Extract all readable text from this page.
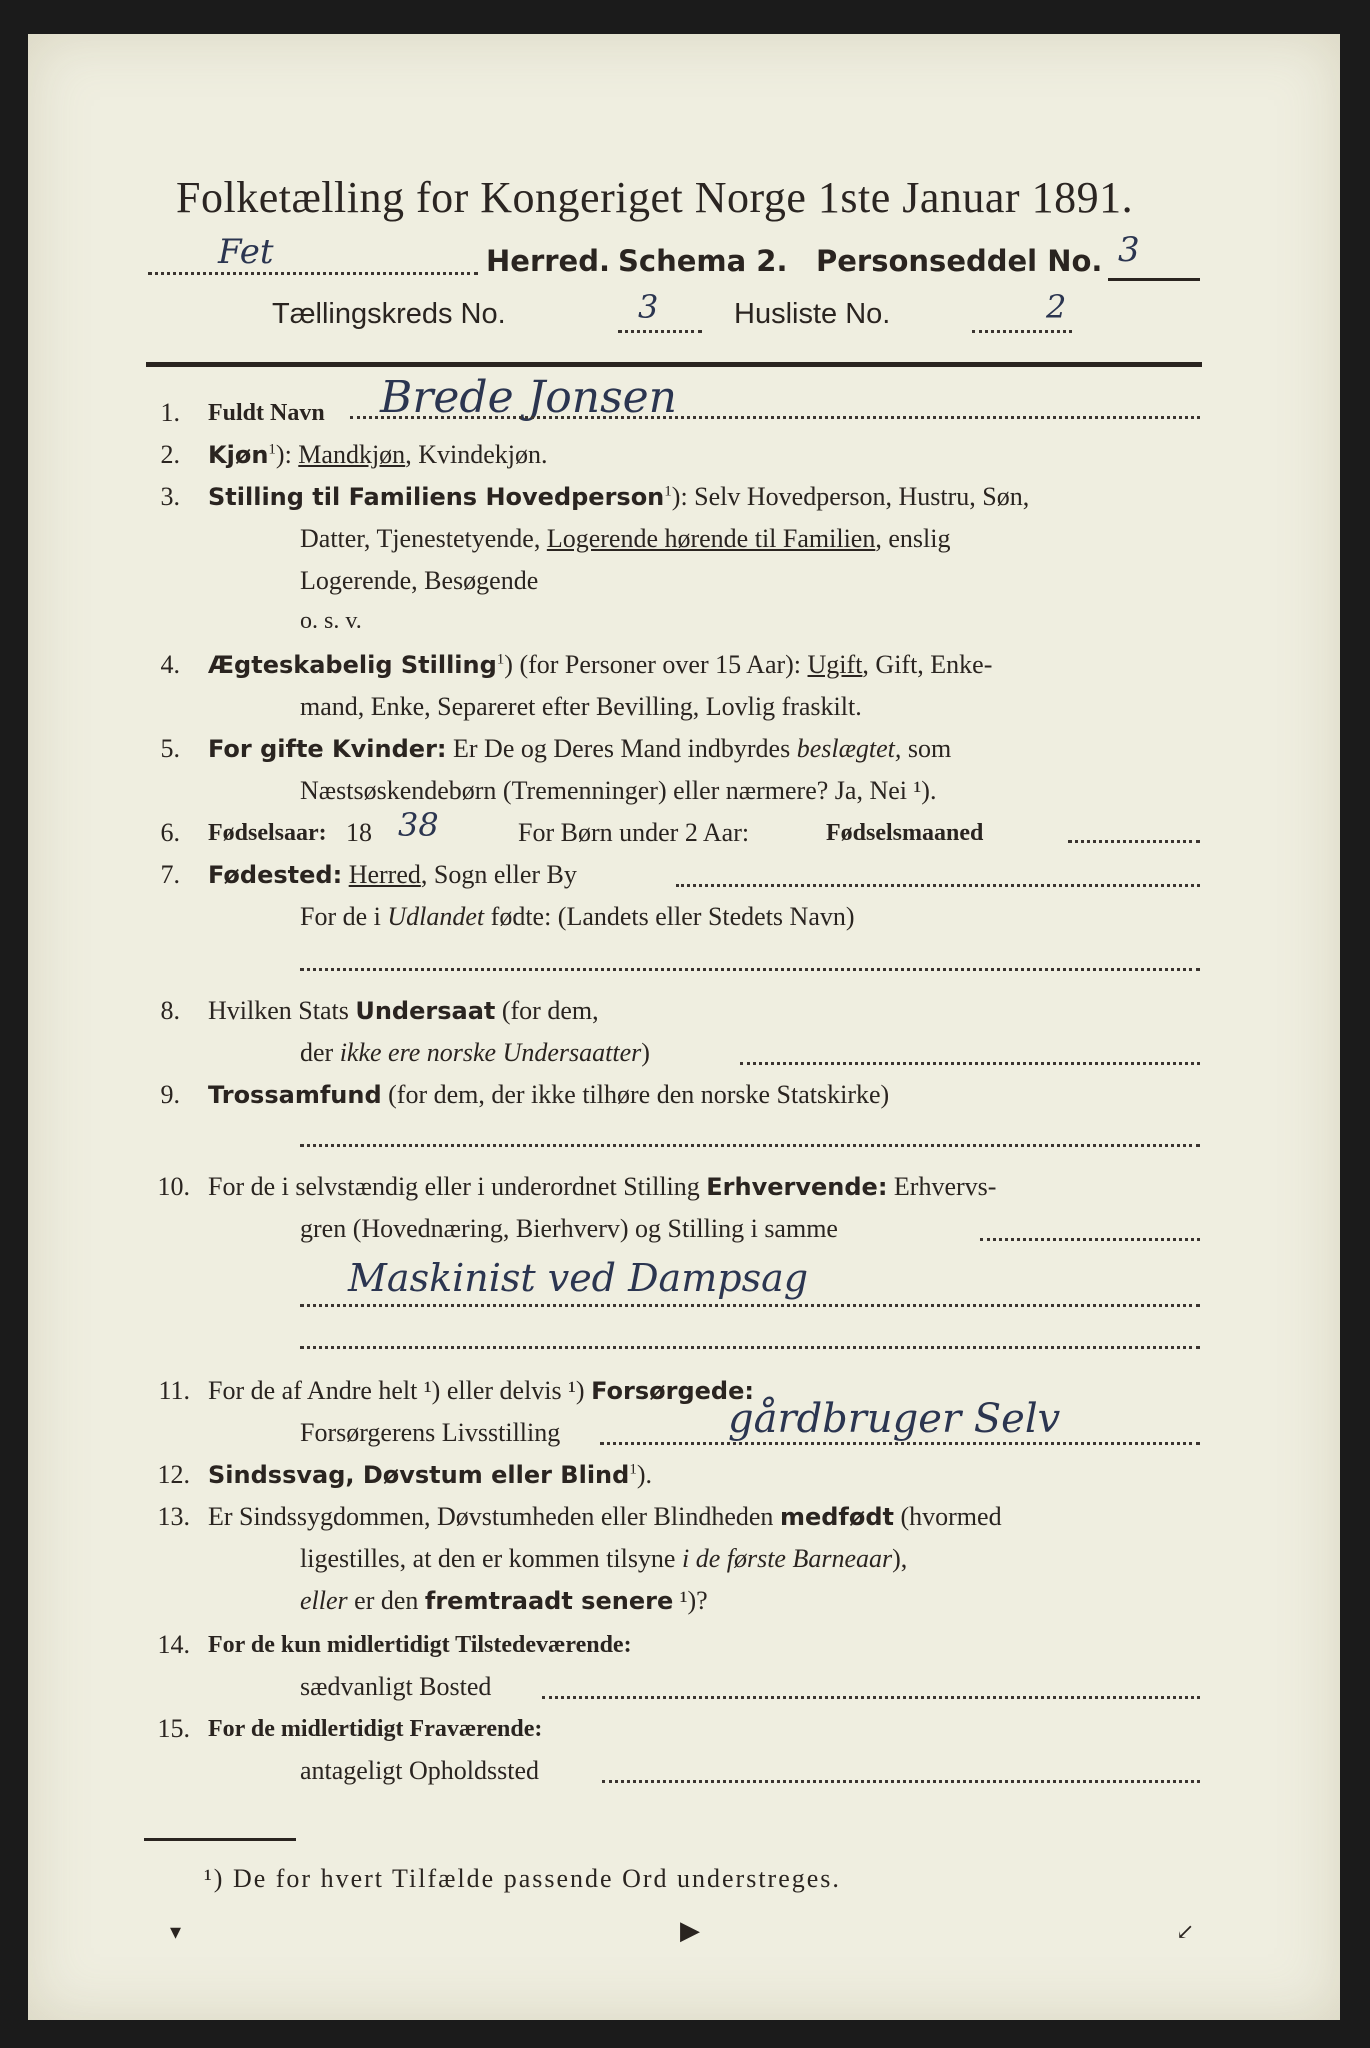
Folketælling for Kongeriget Norge 1ste Januar 1891.
Fet	Herred. Schema 2. Personseddel No. 3
Tællingskreds No.	3	Husliste No.	2
1. Fuldt Navn Brede Jonsen
2. Kjøn$^1$): Mandkjøn, Kvindekjøn.
3. Stilling til Familiens Hovedperson$^1$): Selv Hovedperson, Hustru, Søn,
Datter, Tjenestetyende, Logerende hørende til Familien, enslig
Logerende, Besøgende
o. s. v.
4. Ægteskabelig Stilling$^1$) (for Personer over 15 Aar): Ugift, Gift, Enke-
mand, Enke, Separeret efter Bevilling, Lovlig fraskilt.
5. For gifte Kvinder: Er De og Deres Mand indbyrdes beslægtet, som
Næstsøskendebørn (Tremenninger) eller nærmere? Ja, Nei ¹).
6. Fødselsaar: 18 38	For Børn under 2 Aar:	Fødselsmaaned
7. Fødested: Herred, Sogn eller By
For de i Udlandet fødte: (Landets eller Stedets Navn)
8. Hvilken Stats Undersaat (for dem,
der ikke ere norske Undersaatter)
9. Trossamfund (for dem, der ikke tilhøre den norske Statskirke)
10. For de i selvstændig eller i underordnet Stilling Erhvervende: Erhvervs-
gren (Hovednæring, Bierhverv) og Stilling i samme
Maskinist ved Dampsag
11. For de af Andre helt ¹) eller delvis ¹) Forsørgede:
Forsørgerens Livsstilling	gårdbruger Selv
12. Sindssvag, Døvstum eller Blind$^1$).
13. Er Sindssygdommen, Døvstumheden eller Blindheden medfødt (hvormed
ligestilles, at den er kommen tilsyne i de første Barneaar),
eller er den fremtraadt senere ¹)?
14. For de kun midlertidigt Tilstedeværende:
sædvanligt Bosted
15. For de midlertidigt Fraværende:
antageligt Opholdssted
¹) De for hvert Tilfælde passende Ord understreges.
▾	▶	↙
